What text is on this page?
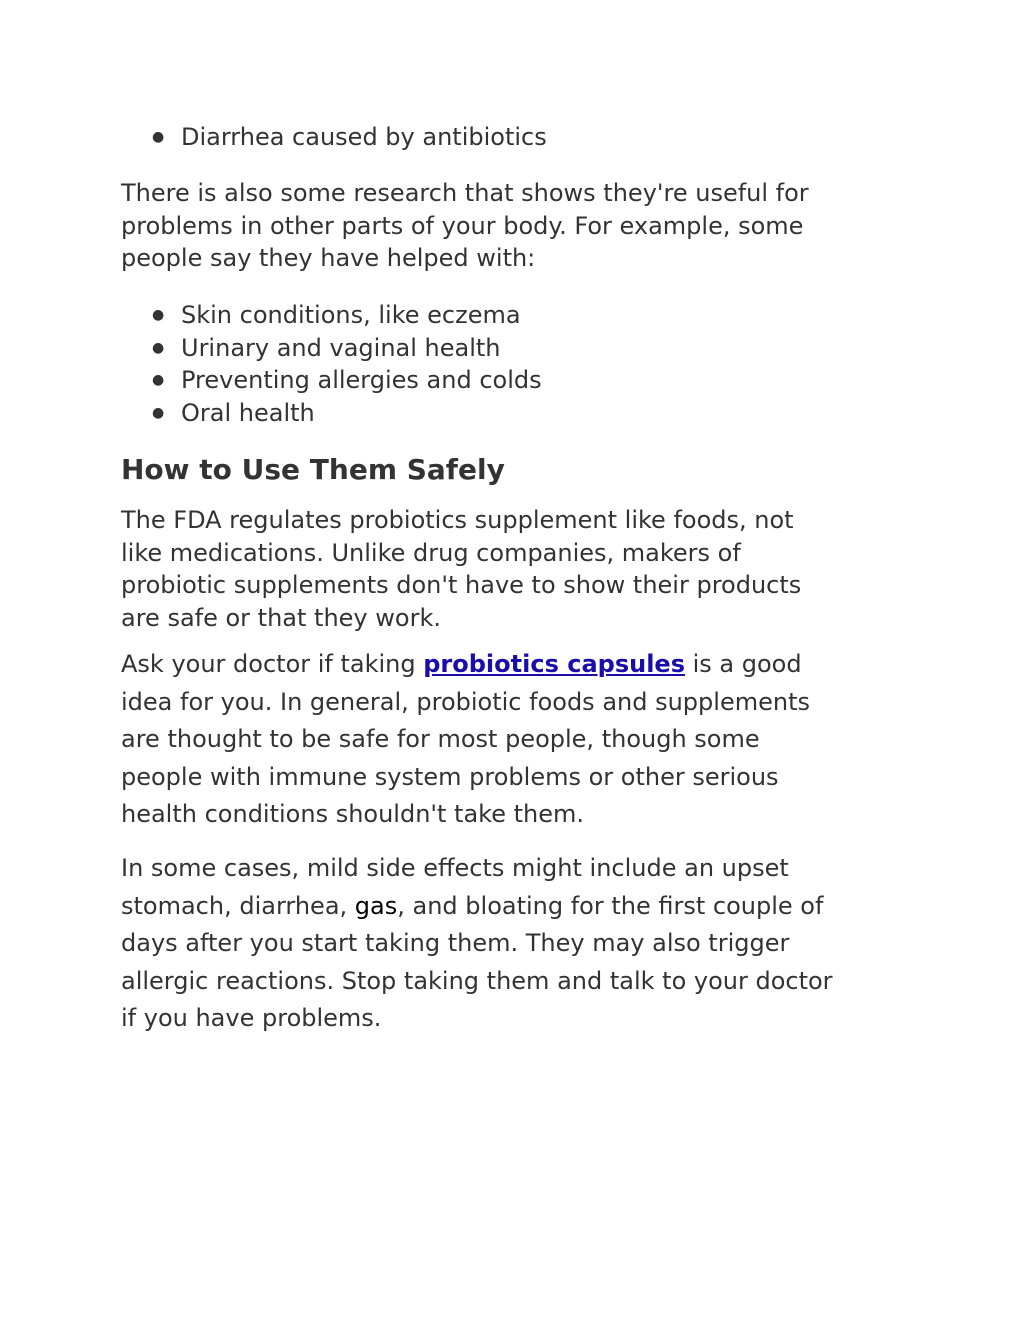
● Diarrhea caused by antibiotics

There is also some research that shows they're useful for

problems in other parts of your body. For example, some

people say they have helped with:

● Skin conditions, like eczema
● Urinary and vaginal health
● Preventing allergies and colds
● Oral health
How to Use Them Safely

The FDA regulates probiotics supplement like foods, not

like medications. Unlike drug companies, makers of

probiotic supplements don't have to show their products

are safe or that they work.

Ask your doctor if taking probiotics capsules is a good

idea for you. In general, probiotic foods and supplements

are thought to be safe for most people, though some

people with immune system problems or other serious

health conditions shouldn't take them.

In some cases, mild side effects might include an upset

stomach, diarrhea, gas, and bloating for the first couple of

days after you start taking them. They may also trigger

allergic reactions. Stop taking them and talk to your doctor

if you have problems.
